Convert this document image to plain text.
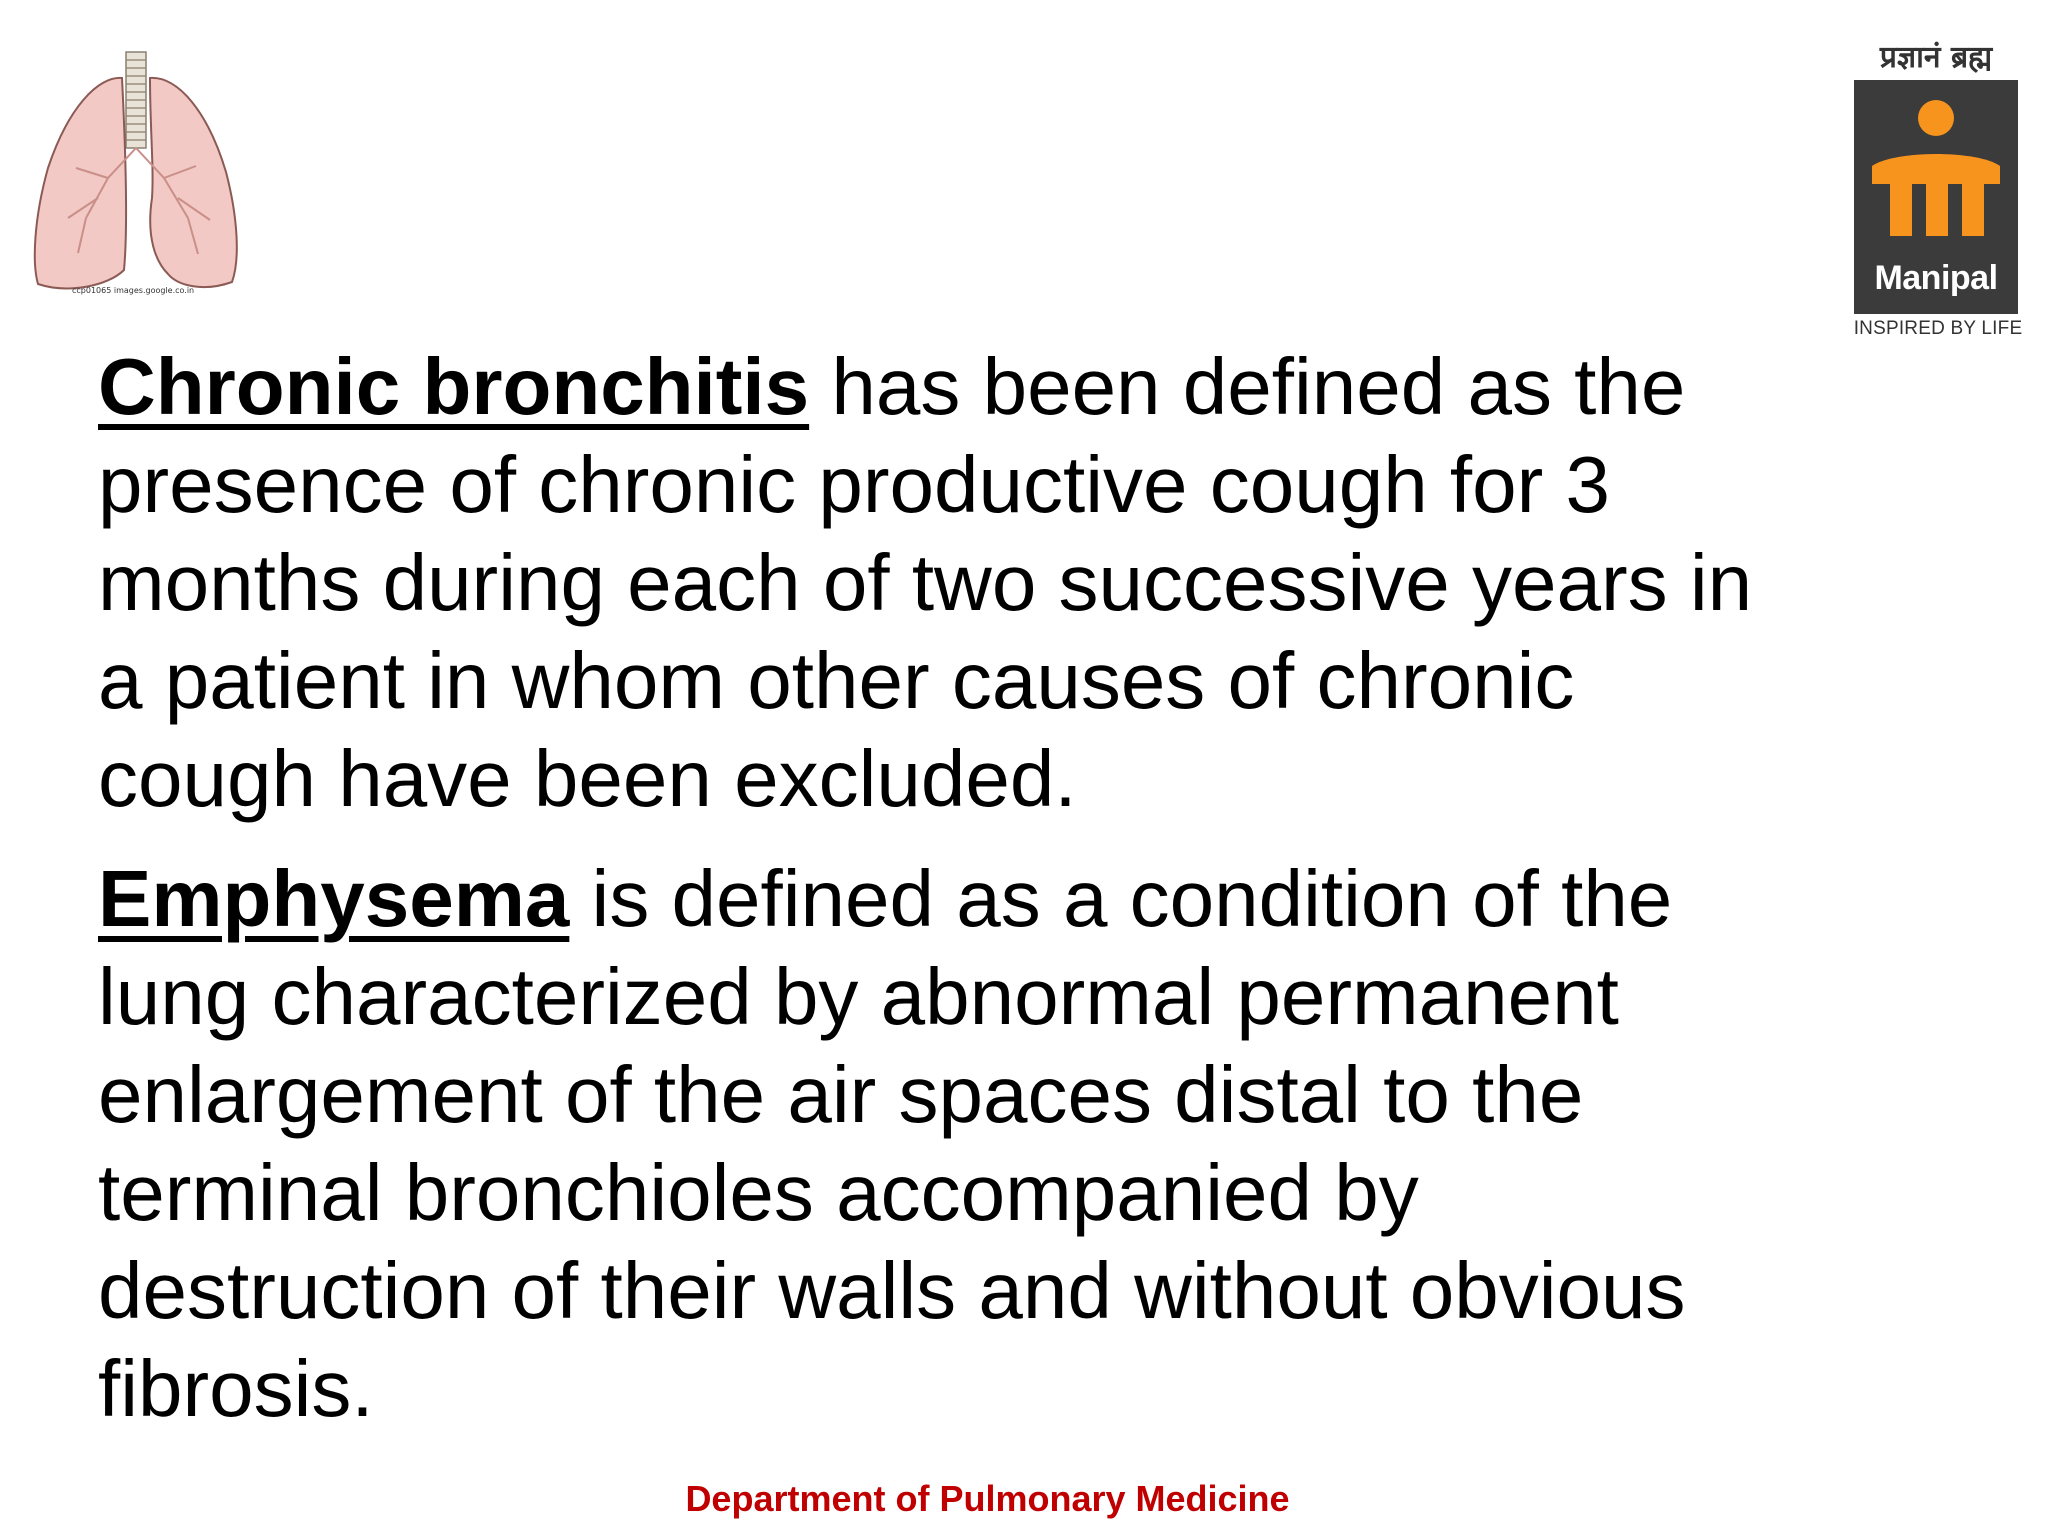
ccp01065 images.google.co.in
प्रज्ञानं ब्रह्म
Manipal
INSPIRED BY LIFE

Chronic bronchitis has been defined as the
presence of chronic productive cough for 3
months during each of two successive years in
a patient in whom other causes of chronic
cough have been excluded.

Emphysema is defined as a condition of the
lung characterized by abnormal permanent
enlargement of the air spaces distal to the
terminal bronchioles accompanied by
destruction of their walls and without obvious
fibrosis.

Department of Pulmonary Medicine
